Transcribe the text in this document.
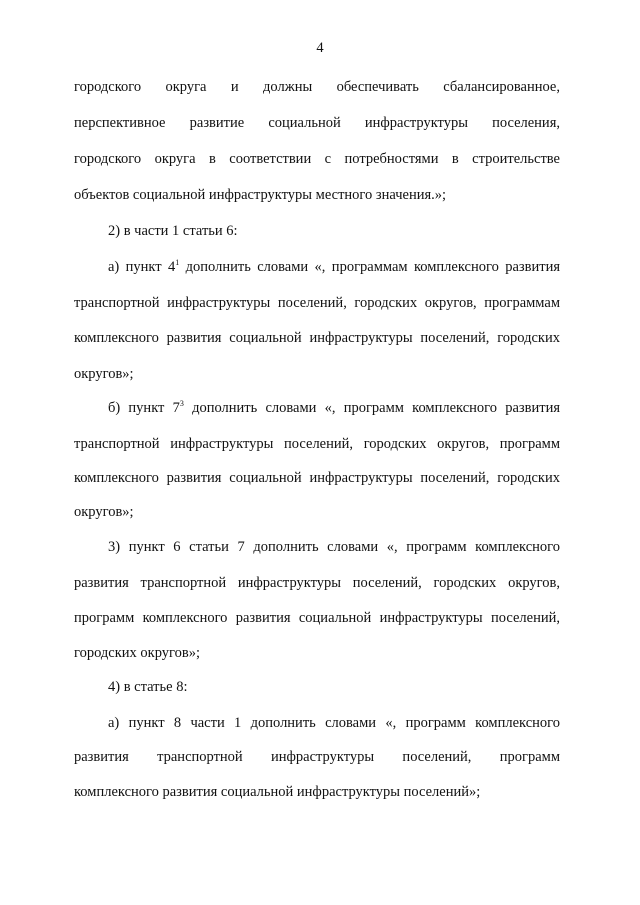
4
городского округа и должны обеспечивать сбалансированное,
перспективное развитие социальной инфраструктуры поселения,
городского округа в соответствии с потребностями в строительстве
объектов социальной инфраструктуры местного значения.»;
2) в части 1 статьи 6:
а) пункт $4^1$ дополнить словами «, программам комплексного развития
транспортной инфраструктуры поселений, городских округов, программам
комплексного развития социальной инфраструктуры поселений, городских
округов»;
б) пункт $7^3$ дополнить словами «, программ комплексного развития
транспортной инфраструктуры поселений, городских округов, программ
комплексного развития социальной инфраструктуры поселений, городских
округов»;
3) пункт 6 статьи 7 дополнить словами «, программ комплексного
развития транспортной инфраструктуры поселений, городских округов,
программ комплексного развития социальной инфраструктуры поселений,
городских округов»;
4) в статье 8:
а) пункт 8 части 1 дополнить словами «, программ комплексного
развития транспортной инфраструктуры поселений, программ
комплексного развития социальной инфраструктуры поселений»;
